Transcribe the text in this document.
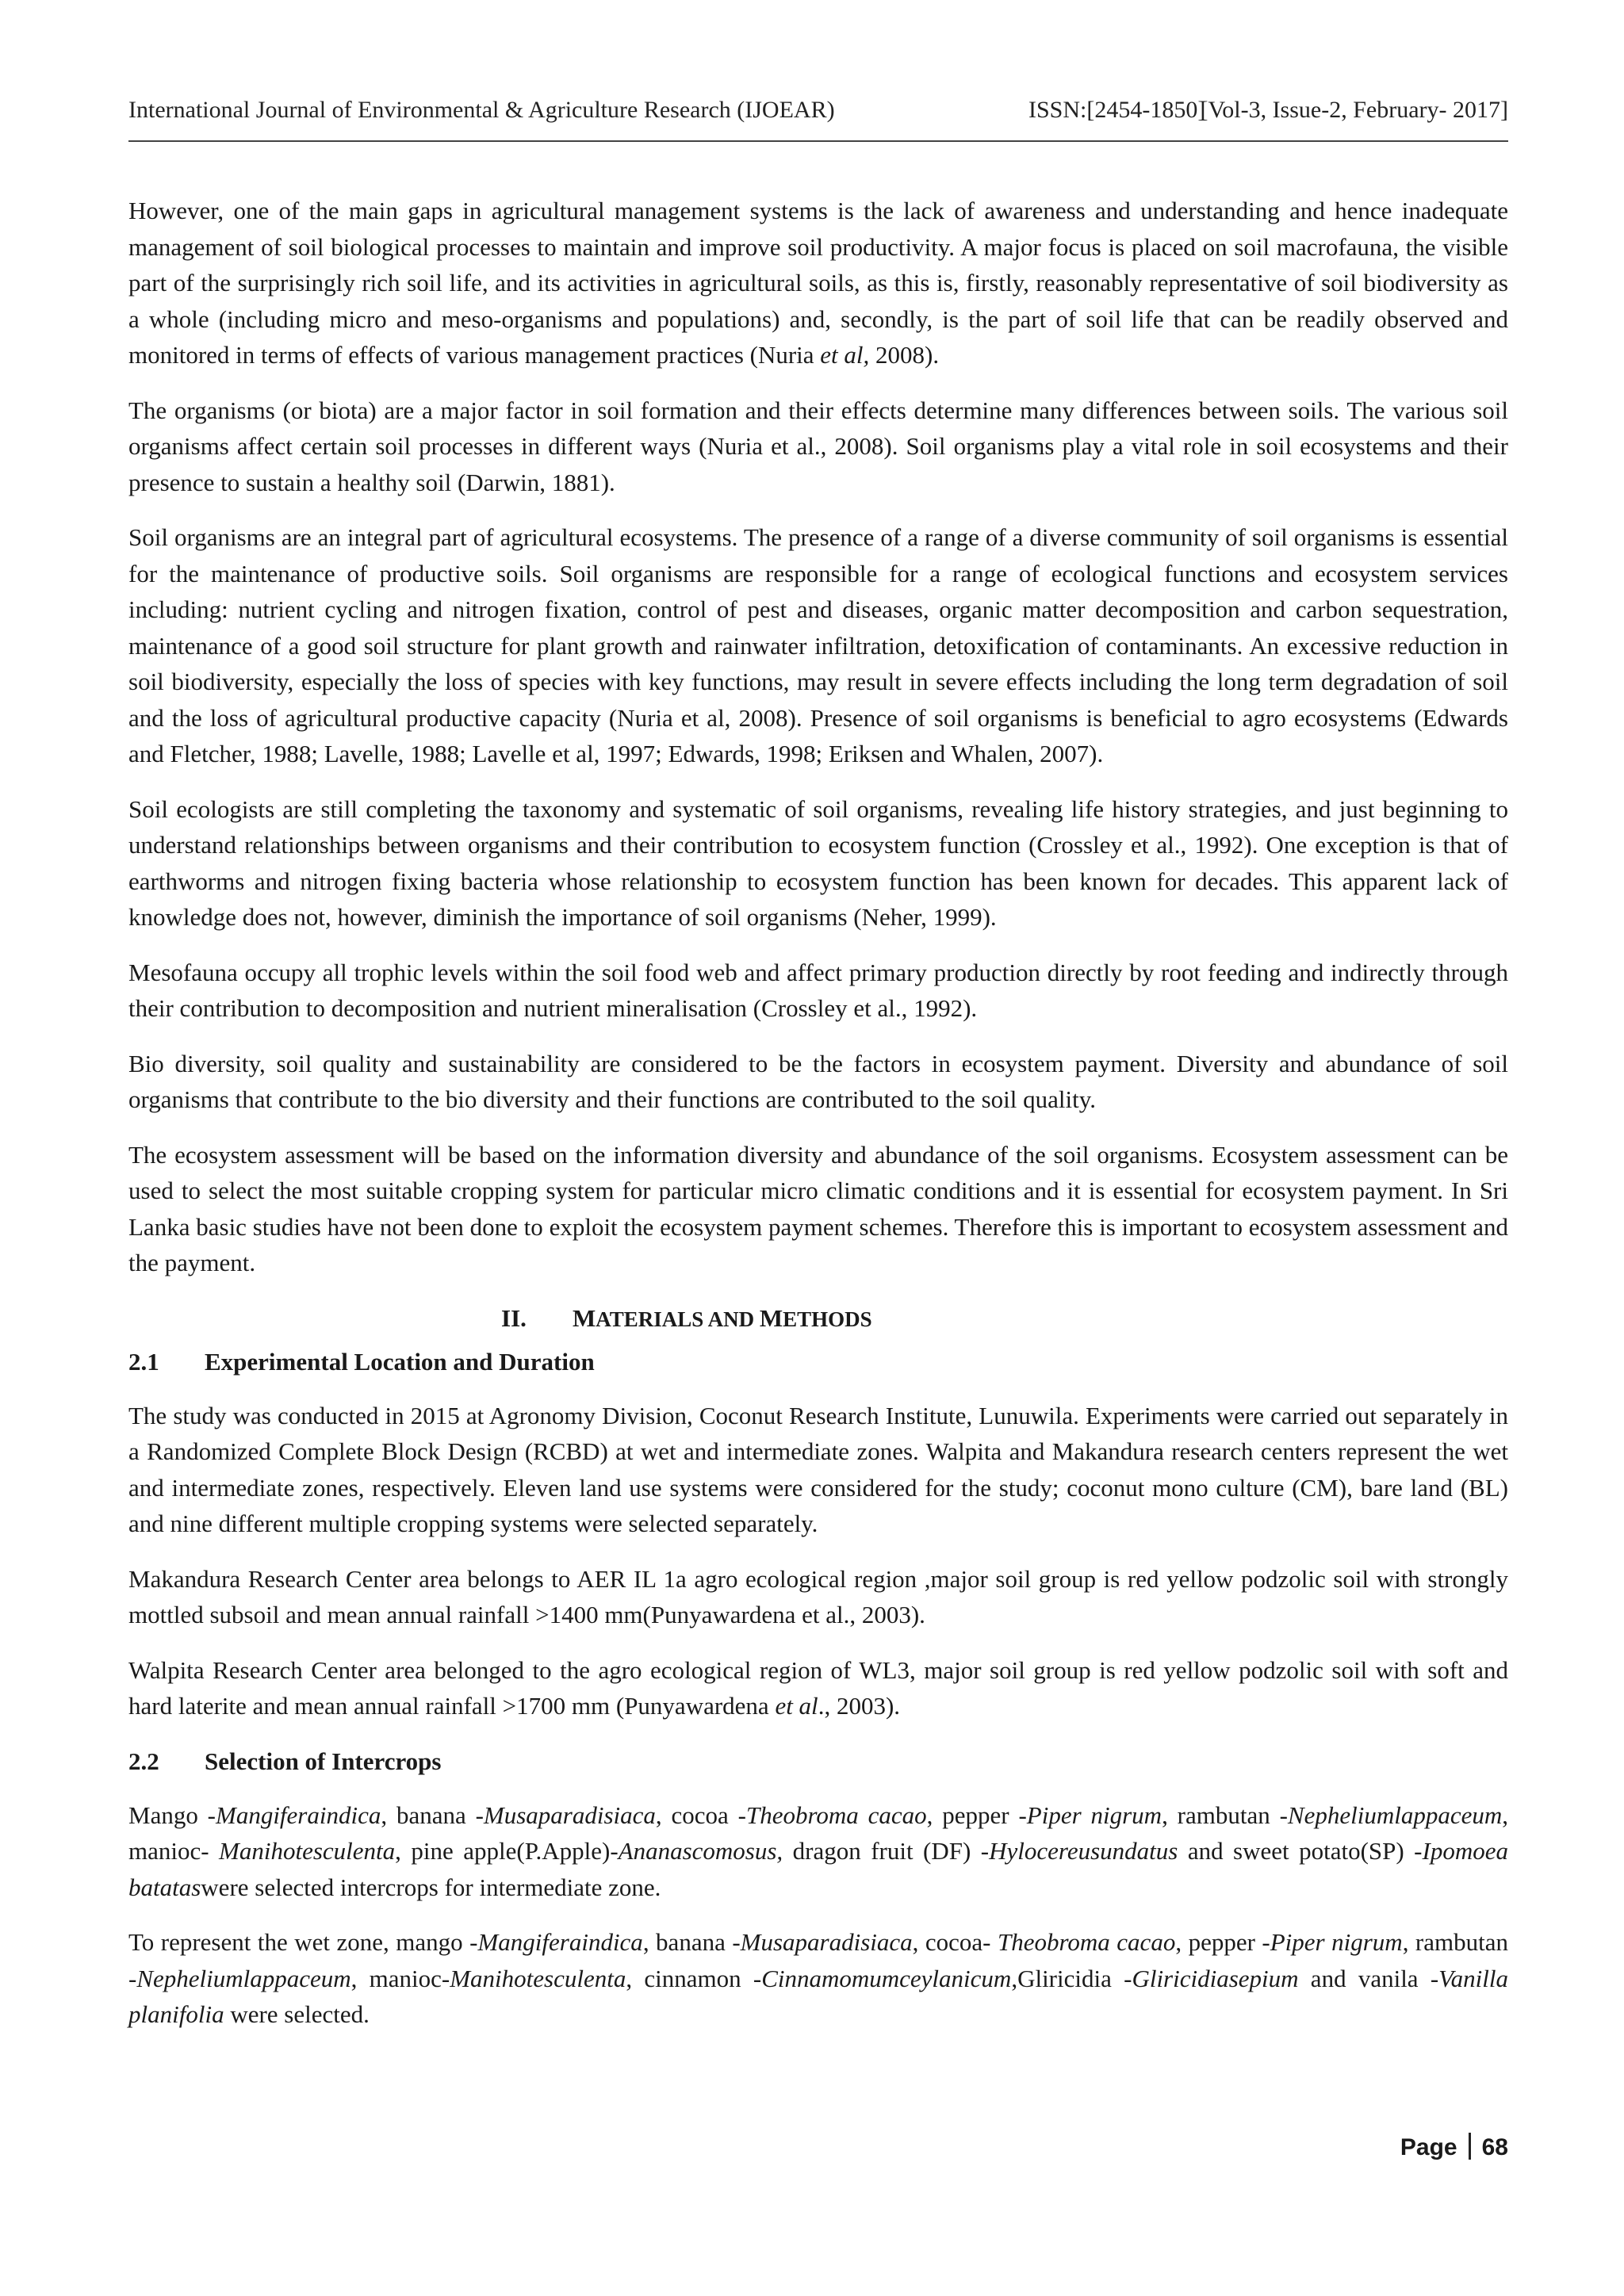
International Journal of Environmental & Agriculture Research (IJOEAR)	ISSN:[2454-1850]
[Vol-3, Issue-2, February- 2017]

However, one of the main gaps in agricultural management systems is the lack of awareness and understanding and hence inadequate management of soil biological processes to maintain and improve soil productivity. A major focus is placed on soil macrofauna, the visible part of the surprisingly rich soil life, and its activities in agricultural soils, as this is, firstly, reasonably representative of soil biodiversity as a whole (including micro and meso-organisms and populations) and, secondly, is the part of soil life that can be readily observed and monitored in terms of effects of various management practices (Nuria et al, 2008).

The organisms (or biota) are a major factor in soil formation and their effects determine many differences between soils. The various soil organisms affect certain soil processes in different ways (Nuria et al., 2008). Soil organisms play a vital role in soil ecosystems and their presence to sustain a healthy soil (Darwin, 1881).

Soil organisms are an integral part of agricultural ecosystems. The presence of a range of a diverse community of soil organisms is essential for the maintenance of productive soils. Soil organisms are responsible for a range of ecological functions and ecosystem services including: nutrient cycling and nitrogen fixation, control of pest and diseases, organic matter decomposition and carbon sequestration, maintenance of a good soil structure for plant growth and rainwater infiltration, detoxification of contaminants. An excessive reduction in soil biodiversity, especially the loss of species with key functions, may result in severe effects including the long term degradation of soil and the loss of agricultural productive capacity (Nuria et al, 2008). Presence of soil organisms is beneficial to agro ecosystems (Edwards and Fletcher, 1988; Lavelle, 1988; Lavelle et al, 1997; Edwards, 1998; Eriksen and Whalen, 2007).

Soil ecologists are still completing the taxonomy and systematic of soil organisms, revealing life history strategies, and just beginning to understand relationships between organisms and their contribution to ecosystem function (Crossley et al., 1992). One exception is that of earthworms and nitrogen fixing bacteria whose relationship to ecosystem function has been known for decades. This apparent lack of knowledge does not, however, diminish the importance of soil organisms (Neher, 1999).

Mesofauna occupy all trophic levels within the soil food web and affect primary production directly by root feeding and indirectly through their contribution to decomposition and nutrient mineralisation (Crossley et al., 1992).

Bio diversity, soil quality and sustainability are considered to be the factors in ecosystem payment. Diversity and abundance of soil organisms that contribute to the bio diversity and their functions are contributed to the soil quality.

The ecosystem assessment will be based on the information diversity and abundance of the soil organisms. Ecosystem assessment can be used to select the most suitable cropping system for particular micro climatic conditions and it is essential for ecosystem payment. In Sri Lanka basic studies have not been done to exploit the ecosystem payment schemes. Therefore this is important to ecosystem assessment and the payment.

II. MATERIALS AND METHODS
2.1 Experimental Location and Duration

The study was conducted in 2015 at Agronomy Division, Coconut Research Institute, Lunuwila. Experiments were carried out separately in a Randomized Complete Block Design (RCBD) at wet and intermediate zones. Walpita and Makandura research centers represent the wet and intermediate zones, respectively. Eleven land use systems were considered for the study; coconut mono culture (CM), bare land (BL) and nine different multiple cropping systems were selected separately.

Makandura Research Center area belongs to AER IL 1a agro ecological region ,major soil group is red yellow podzolic soil with strongly mottled subsoil and mean annual rainfall >1400 mm(Punyawardena et al., 2003).

Walpita Research Center area belonged to the agro ecological region of WL3, major soil group is red yellow podzolic soil with soft and hard laterite and mean annual rainfall >1700 mm (Punyawardena et al., 2003).

2.2 Selection of Intercrops

Mango -Mangiferaindica, banana -Musaparadisiaca, cocoa -Theobroma cacao, pepper -Piper nigrum, rambutan -Nepheliumlappaceum, manioc- Manihotesculenta, pine apple(P.Apple)-Ananascomosus, dragon fruit (DF) -Hylocereusundatus and sweet potato(SP) -Ipomoea batataswere selected intercrops for intermediate zone.

To represent the wet zone, mango -Mangiferaindica, banana -Musaparadisiaca, cocoa- Theobroma cacao, pepper -Piper nigrum, rambutan -Nepheliumlappaceum, manioc-Manihotesculenta, cinnamon -Cinnamomumceylanicum,Gliricidia -Gliricidiasepium and vanila -Vanilla planifolia were selected.

Page 68
